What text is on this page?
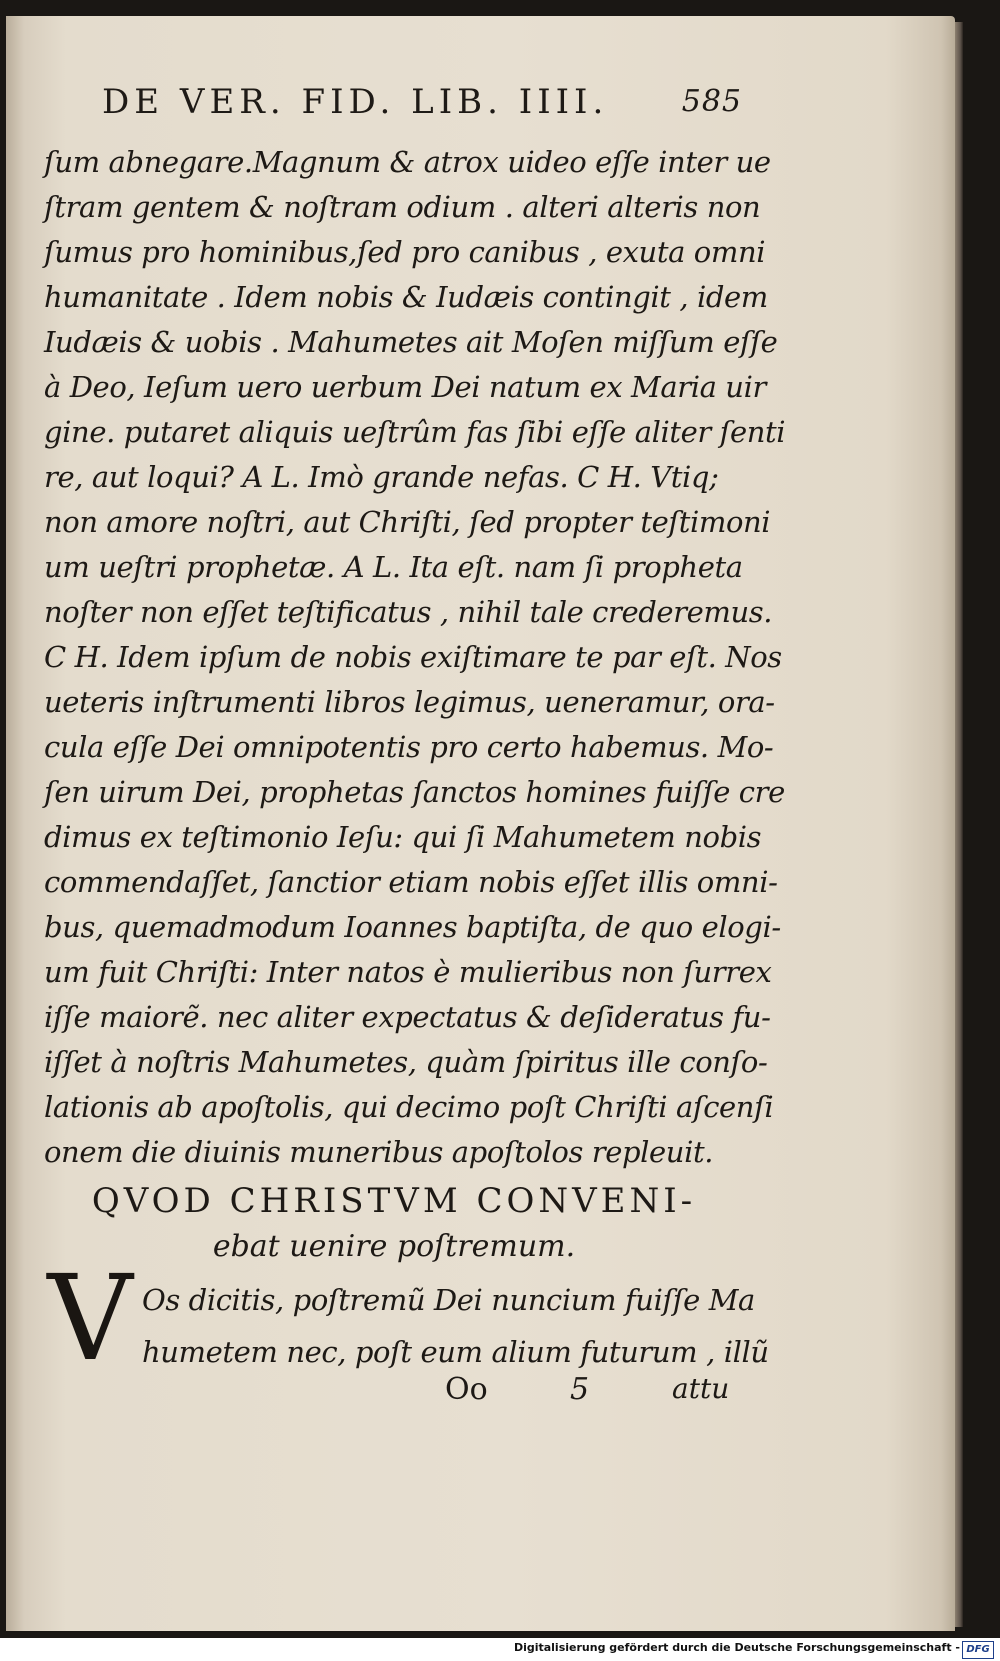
DE VER. FID. LIB. IIII. 585
ſum abnegare.Magnum & atrox uideo eſſe inter ue
ſtram gentem & noſtram odium . alteri alteris non
ſumus pro hominibus,ſed pro canibus , exuta omni
humanitate . Idem nobis & Iudæis contingit , idem
Iudæis & uobis . Mahumetes ait Moſen miſſum eſſe
à Deo, Ieſum uero uerbum Dei natum ex Maria uir
gine. putaret aliquis ueſtrûm fas ſibi eſſe aliter ſenti
re, aut loqui? A L. Imò grande nefas. C H. Vtiq;
non amore noſtri, aut Chriſti, ſed propter teſtimoni
um ueſtri prophetæ. A L. Ita eſt. nam ſi propheta
noſter non eſſet teſtificatus , nihil tale crederemus.
C H. Idem ipſum de nobis exiſtimare te par eſt. Nos
ueteris inſtrumenti libros legimus, ueneramur, ora-
cula eſſe Dei omnipotentis pro certo habemus. Mo-
ſen uirum Dei, prophetas ſanctos homines fuiſſe cre
dimus ex teſtimonio Ieſu: qui ſi Mahumetem nobis
commendaſſet, ſanctior etiam nobis eſſet illis omni-
bus, quemadmodum Ioannes baptiſta, de quo elogi-
um fuit Chriſti: Inter natos è mulieribus non ſurrex
iſſe maiorẽ. nec aliter expectatus & deſideratus fu-
iſſet à noſtris Mahumetes, quàm ſpiritus ille conſo-
lationis ab apoſtolis, qui decimo poſt Chriſti aſcenſi
onem die diuinis muneribus apoſtolos repleuit.
QVOD CHRISTVM CONVENI-
ebat uenire poſtremum.
V Os dicitis, poſtremũ Dei nuncium fuiſſe Ma
humetem nec, poſt eum alium futurum , illũ
Oo	5	attu
Digitalisierung gefördert durch die Deutsche Forschungsgemeinschaft - DFG
